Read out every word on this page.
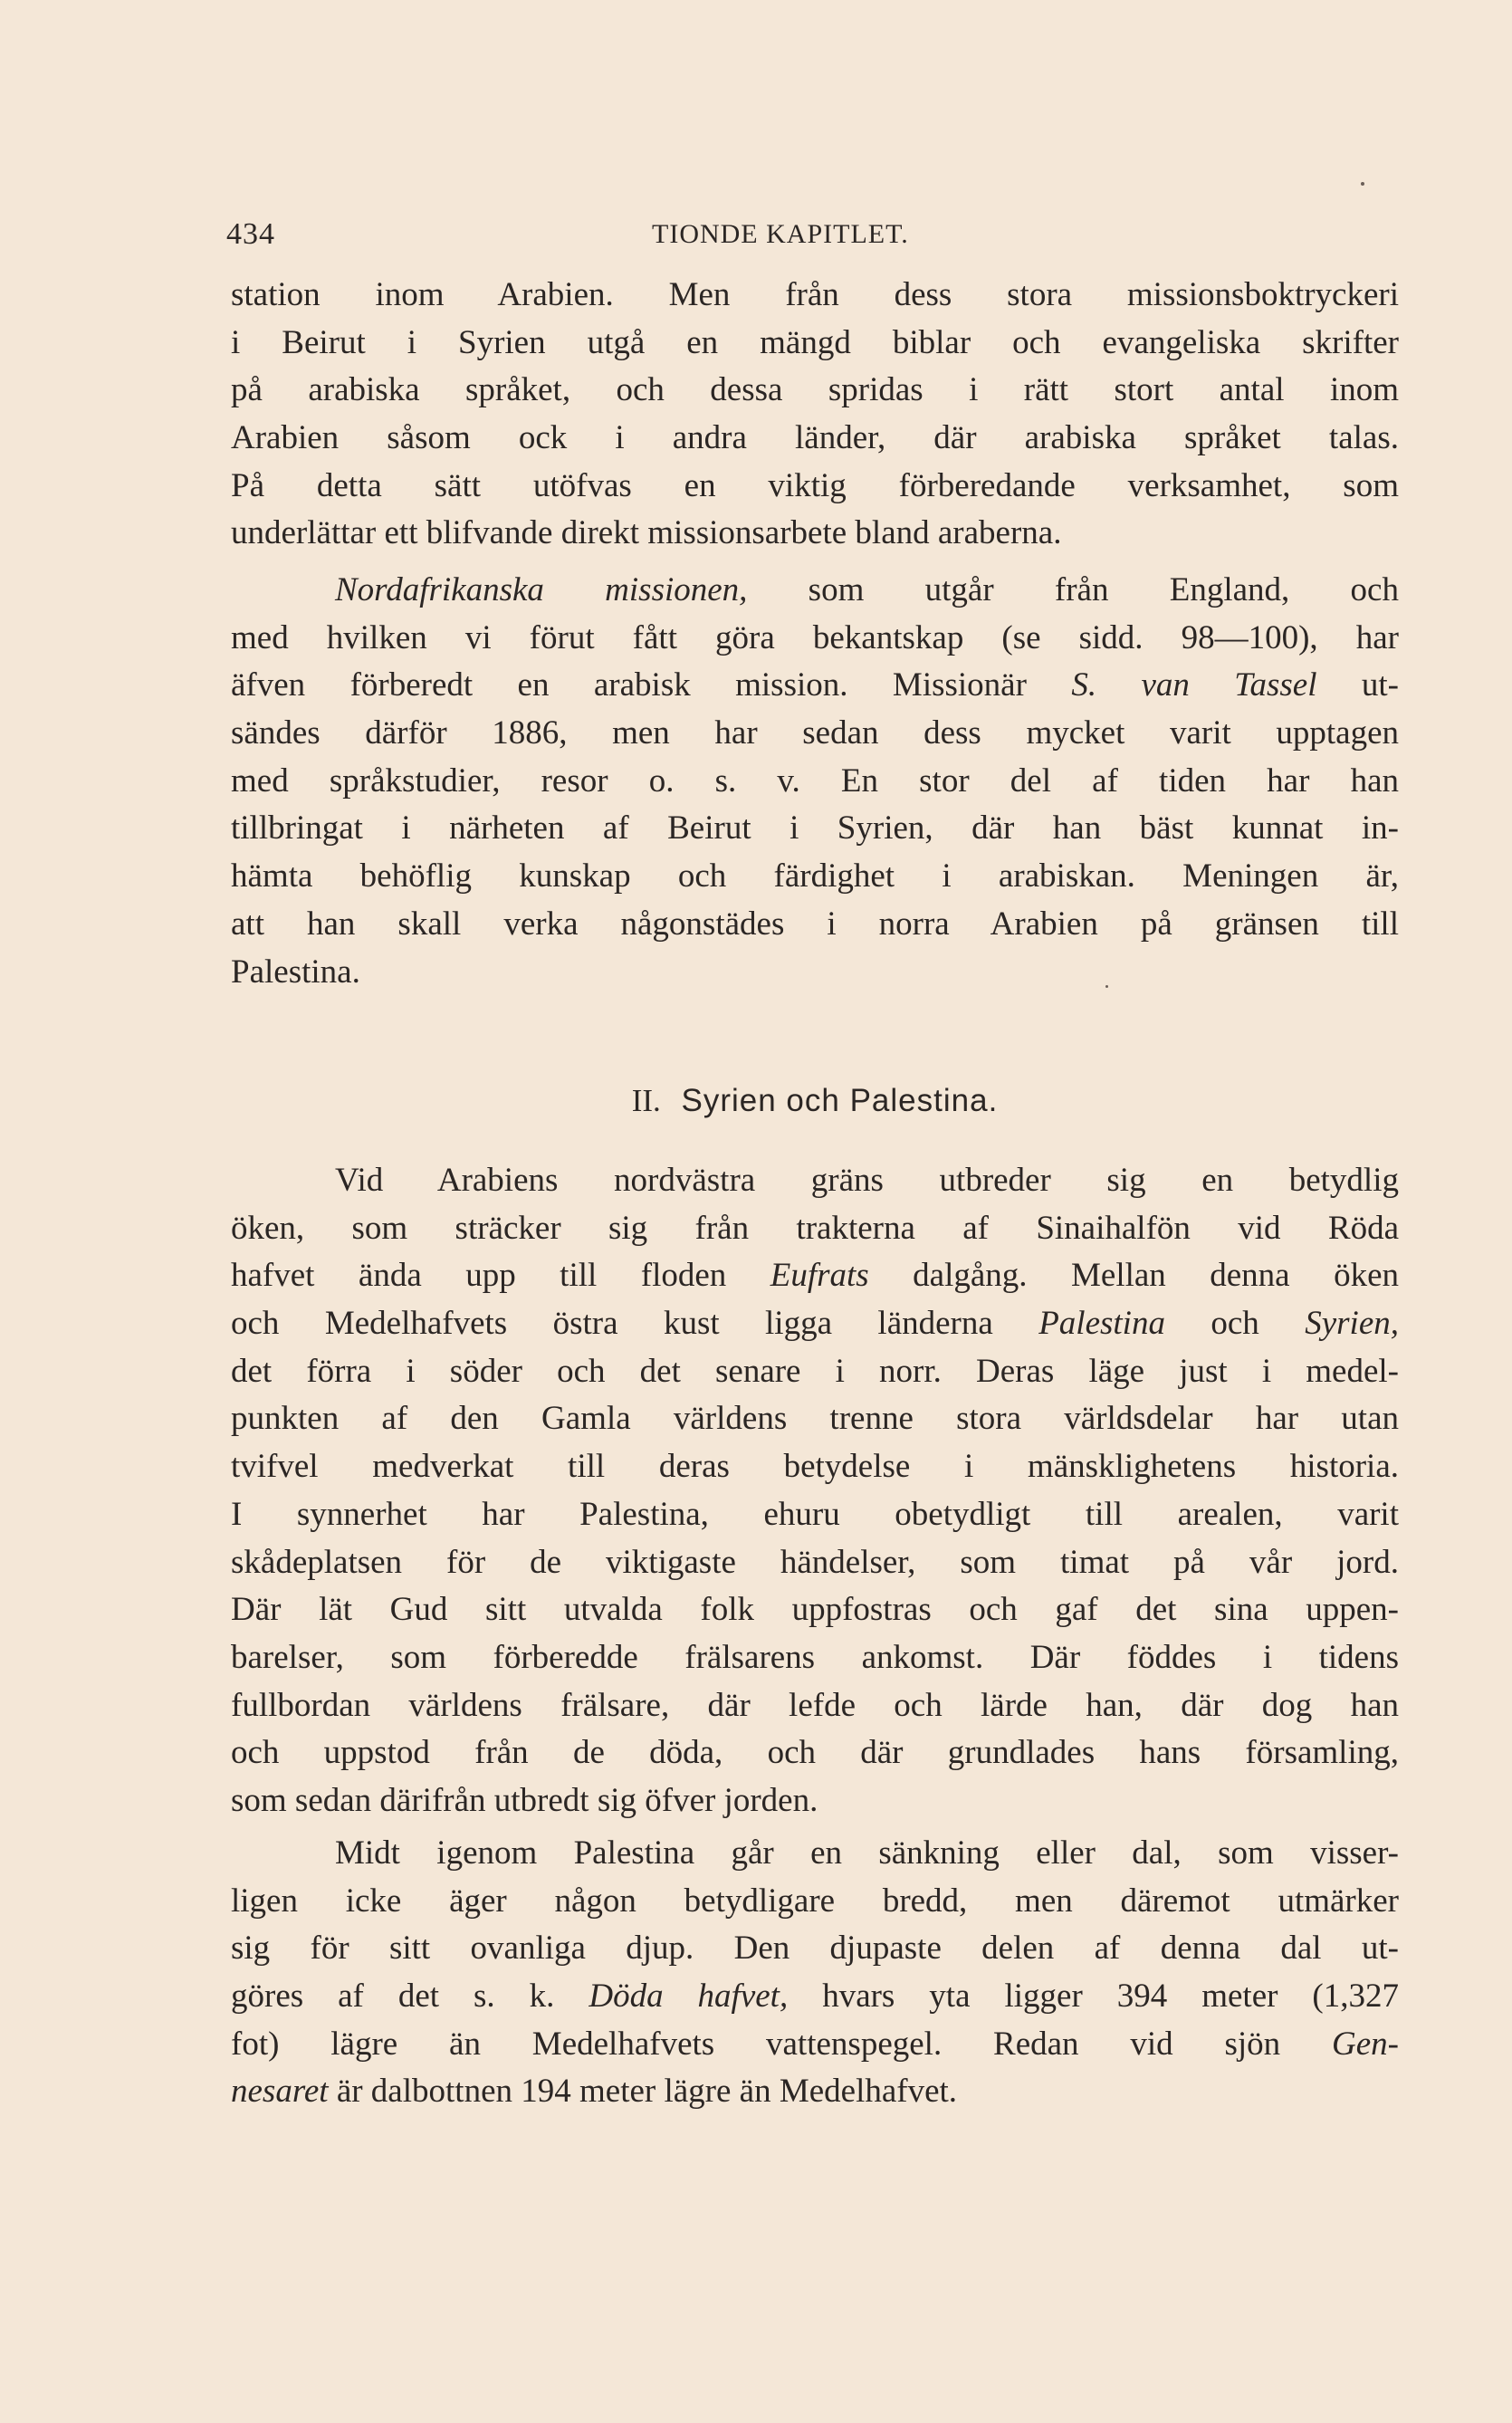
434	TIONDE KAPITLET.
station inom Arabien. Men från dess stora missionsboktryckeri
i Beirut i Syrien utgå en mängd biblar och evangeliska skrifter
på arabiska språket, och dessa spridas i rätt stort antal inom
Arabien såsom ock i andra länder, där arabiska språket talas.
På detta sätt utöfvas en viktig förberedande verksamhet, som
underlättar ett blifvande direkt missionsarbete bland araberna.
Nordafrikanska missionen, som utgår från England, och
med hvilken vi förut fått göra bekantskap (se sidd. 98—100), har
äfven förberedt en arabisk mission. Missionär S. van Tassel ut-
sändes därför 1886, men har sedan dess mycket varit upptagen
med språkstudier, resor o. s. v. En stor del af tiden har han
tillbringat i närheten af Beirut i Syrien, där han bäst kunnat in-
hämta behöflig kunskap och färdighet i arabiskan. Meningen är,
att han skall verka någonstädes i norra Arabien på gränsen till
Palestina.
II. Syrien och Palestina.
Vid Arabiens nordvästra gräns utbreder sig en betydlig
öken, som sträcker sig från trakterna af Sinaihalfön vid Röda
hafvet ända upp till floden Eufrats dalgång. Mellan denna öken
och Medelhafvets östra kust ligga länderna Palestina och Syrien,
det förra i söder och det senare i norr. Deras läge just i medel-
punkten af den Gamla världens trenne stora världsdelar har utan
tvifvel medverkat till deras betydelse i mänsklighetens historia.
I synnerhet har Palestina, ehuru obetydligt till arealen, varit
skådeplatsen för de viktigaste händelser, som timat på vår jord.
Där lät Gud sitt utvalda folk uppfostras och gaf det sina uppen-
barelser, som förberedde frälsarens ankomst. Där föddes i tidens
fullbordan världens frälsare, där lefde och lärde han, där dog han
och uppstod från de döda, och där grundlades hans församling,
som sedan därifrån utbredt sig öfver jorden.
Midt igenom Palestina går en sänkning eller dal, som visser-
ligen icke äger någon betydligare bredd, men däremot utmärker
sig för sitt ovanliga djup. Den djupaste delen af denna dal ut-
göres af det s. k. Döda hafvet, hvars yta ligger 394 meter (1,327
fot) lägre än Medelhafvets vattenspegel. Redan vid sjön Gen-
nesaret är dalbottnen 194 meter lägre än Medelhafvet.
